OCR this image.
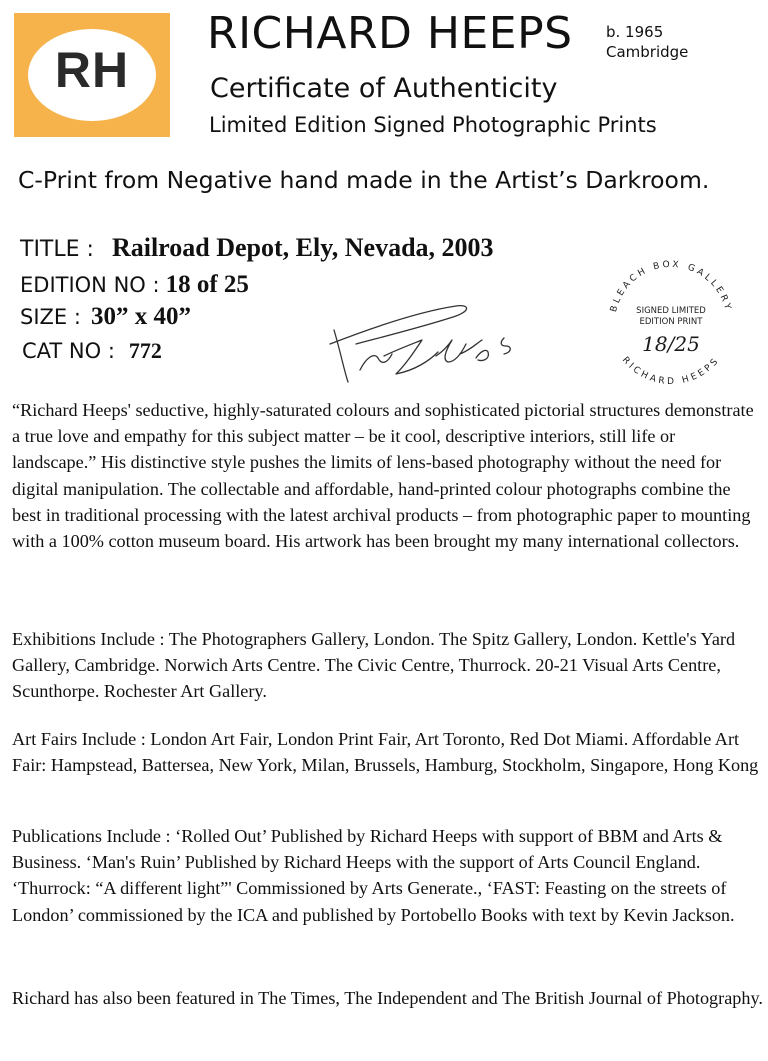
RH
RICHARD HEEPS b. 1965
Cambridge
Certificate of Authenticity
Limited Edition Signed Photographic Prints
C-Print from Negative hand made in the Artist’s Darkroom.
TITLE : Railroad Depot, Ely, Nevada, 2003
EDITION NO : 18 of 25
SIZE : 30” x 40”
CAT NO : 772
BLEACH BOX GALLERY
RICHARD HEEPS
SIGNED LIMITED
EDITION PRINT
18/25

“Richard Heeps' seductive, highly-saturated colours and sophisticated pictorial structures demonstrate a true love and empathy for this subject matter – be it cool, descriptive interiors, still life or landscape.” His distinctive style pushes the limits of lens-based photography without the need for digital manipulation. The collectable and affordable, hand-printed colour photographs combine the best in traditional processing with the latest archival products – from photographic paper to mounting with a 100% cotton museum board. His artwork has been brought my many international collectors.

Exhibitions Include : The Photographers Gallery, London. The Spitz Gallery, London. Kettle's Yard Gallery, Cambridge. Norwich Arts Centre. The Civic Centre, Thurrock. 20-21 Visual Arts Centre, Scunthorpe. Rochester Art Gallery.

Art Fairs Include : London Art Fair, London Print Fair, Art Toronto, Red Dot Miami. Affordable Art Fair: Hampstead, Battersea, New York, Milan, Brussels, Hamburg, Stockholm, Singapore, Hong Kong

Publications Include : ‘Rolled Out’ Published by Richard Heeps with support of BBM and Arts & Business. ‘Man's Ruin’ Published by Richard Heeps with the support of Arts Council England. ‘Thurrock: “A different light”' Commissioned by Arts Generate., ‘FAST: Feasting on the streets of London’ commissioned by the ICA and published by Portobello Books with text by Kevin Jackson.

Richard has also been featured in The Times, The Independent and The British Journal of Photography.
